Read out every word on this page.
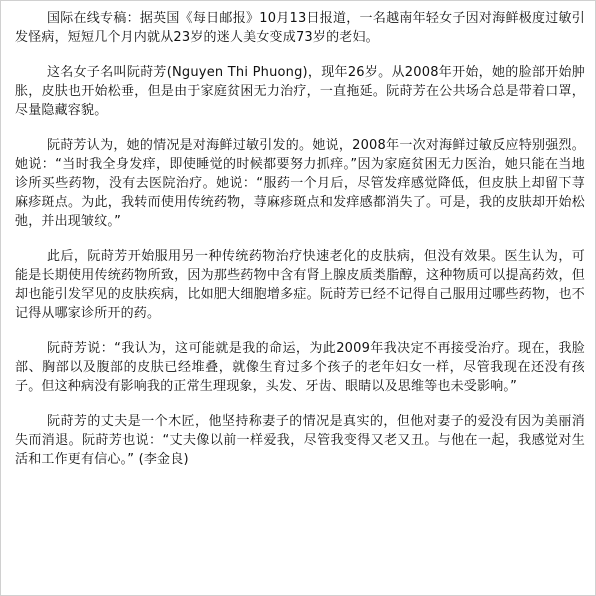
国际在线专稿：据英国《每日邮报》10月13日报道，一名越南年轻女子因对海鲜极度过敏引发怪病，短短几个月内就从23岁的迷人美女变成73岁的老妇。

这名女子名叫阮莳芳(Nguyen Thi Phuong)，现年26岁。从2008年开始，她的脸部开始肿胀，皮肤也开始松垂，但是由于家庭贫困无力治疗，一直拖延。阮莳芳在公共场合总是带着口罩，尽量隐藏容貌。

阮莳芳认为，她的情况是对海鲜过敏引发的。她说，2008年一次对海鲜过敏反应特别强烈。她说：“当时我全身发痒，即使睡觉的时候都要努力抓痒。”因为家庭贫困无力医治，她只能在当地诊所买些药物，没有去医院治疗。她说：“服药一个月后，尽管发痒感觉降低，但皮肤上却留下荨麻疹斑点。为此，我转而使用传统药物，荨麻疹斑点和发痒感都消失了。可是，我的皮肤却开始松弛，并出现皱纹。”

此后，阮莳芳开始服用另一种传统药物治疗快速老化的皮肤病，但没有效果。医生认为，可能是长期使用传统药物所致，因为那些药物中含有肾上腺皮质类脂醇，这种物质可以提高药效，但却也能引发罕见的皮肤疾病，比如肥大细胞增多症。阮莳芳已经不记得自己服用过哪些药物，也不记得从哪家诊所开的药。

阮莳芳说：“我认为，这可能就是我的命运，为此2009年我决定不再接受治疗。现在，我脸部、胸部以及腹部的皮肤已经堆叠，就像生育过多个孩子的老年妇女一样，尽管我现在还没有孩子。但这种病没有影响我的正常生理现象，头发、牙齿、眼睛以及思维等也未受影响。”

阮莳芳的丈夫是一个木匠，他坚持称妻子的情况是真实的，但他对妻子的爱没有因为美丽消失而消退。阮莳芳也说：“丈夫像以前一样爱我，尽管我变得又老又丑。与他在一起，我感觉对生活和工作更有信心。” (李金良)
